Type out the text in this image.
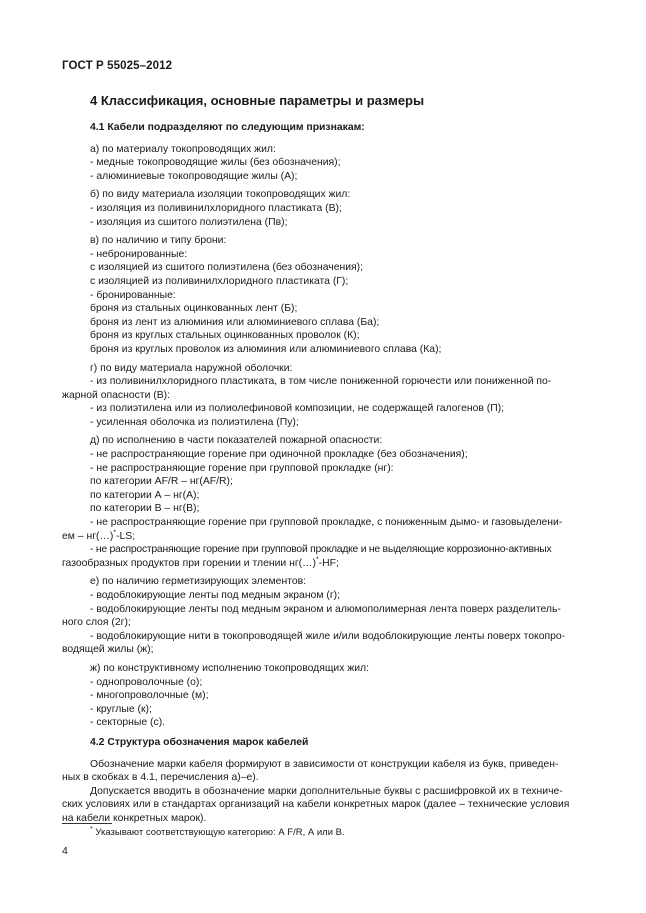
ГОСТ Р 55025–2012
4 Классификация, основные параметры и размеры
4.1 Кабели подразделяют по следующим признакам:
а) по материалу токопроводящих жил:
- медные токопроводящие жилы (без обозначения);
- алюминиевые токопроводящие жилы (А);
б) по виду материала изоляции токопроводящих жил:
- изоляция из поливинилхлоридного пластиката (В);
- изоляция из сшитого полиэтилена (Пв);
в) по наличию и типу брони:
- небронированные:
с изоляцией из сшитого полиэтилена (без обозначения);
с изоляцией из поливинилхлоридного пластиката (Г);
- бронированные:
броня из стальных оцинкованных лент (Б);
броня из лент из алюминия или алюминиевого сплава (Ба);
броня из круглых стальных оцинкованных проволок (К);
броня из круглых проволок из алюминия или алюминиевого сплава (Ка);
г) по виду материала наружной оболочки:
- из поливинилхлоридного пластиката, в том числе пониженной горючести или пониженной по-
жарной опасности (В):
- из полиэтилена или из полиолефиновой композиции, не содержащей галогенов (П);
- усиленная оболочка из полиэтилена (Пу);
д) по исполнению в части показателей пожарной опасности:
- не распространяющие горение при одиночной прокладке (без обозначения);
- не распространяющие горение при групповой прокладке (нг):
по категории AF/R – нг(AF/R);
по категории А – нг(А);
по категории В – нг(В);
- не распространяющие горение при групповой прокладке, с пониженным дымо- и газовыделени-
ем – нг(…)*-LS;
- не распространяющие горение при групповой прокладке и не выделяющие коррозионно-активных
газообразных продуктов при горении и тлении нг(…)*-HF;
е) по наличию герметизирующих элементов:
- водоблокирующие ленты под медным экраном (г);
- водоблокирующие ленты под медным экраном и алюмополимерная лента поверх разделитель-
ного слоя (2г);
- водоблокирующие нити в токопроводящей жиле и/или водоблокирующие ленты поверх токопро-
водящей жилы (ж);
ж) по конструктивному исполнению токопроводящих жил:
- однопроволочные (о);
- многопроволочные (м);
- круглые (к);
- секторные (с).
4.2 Структура обозначения марок кабелей
Обозначение марки кабеля формируют в зависимости от конструкции кабеля из букв, приведен-
ных в скобках в 4.1, перечисления а)–е).
Допускается вводить в обозначение марки дополнительные буквы с расшифровкой их в техниче-
ских условиях или в стандартах организаций на кабели конкретных марок (далее – технические условия
на кабели конкретных марок).
* Указывают соответствующую категорию: А F/R, А или В.
4
